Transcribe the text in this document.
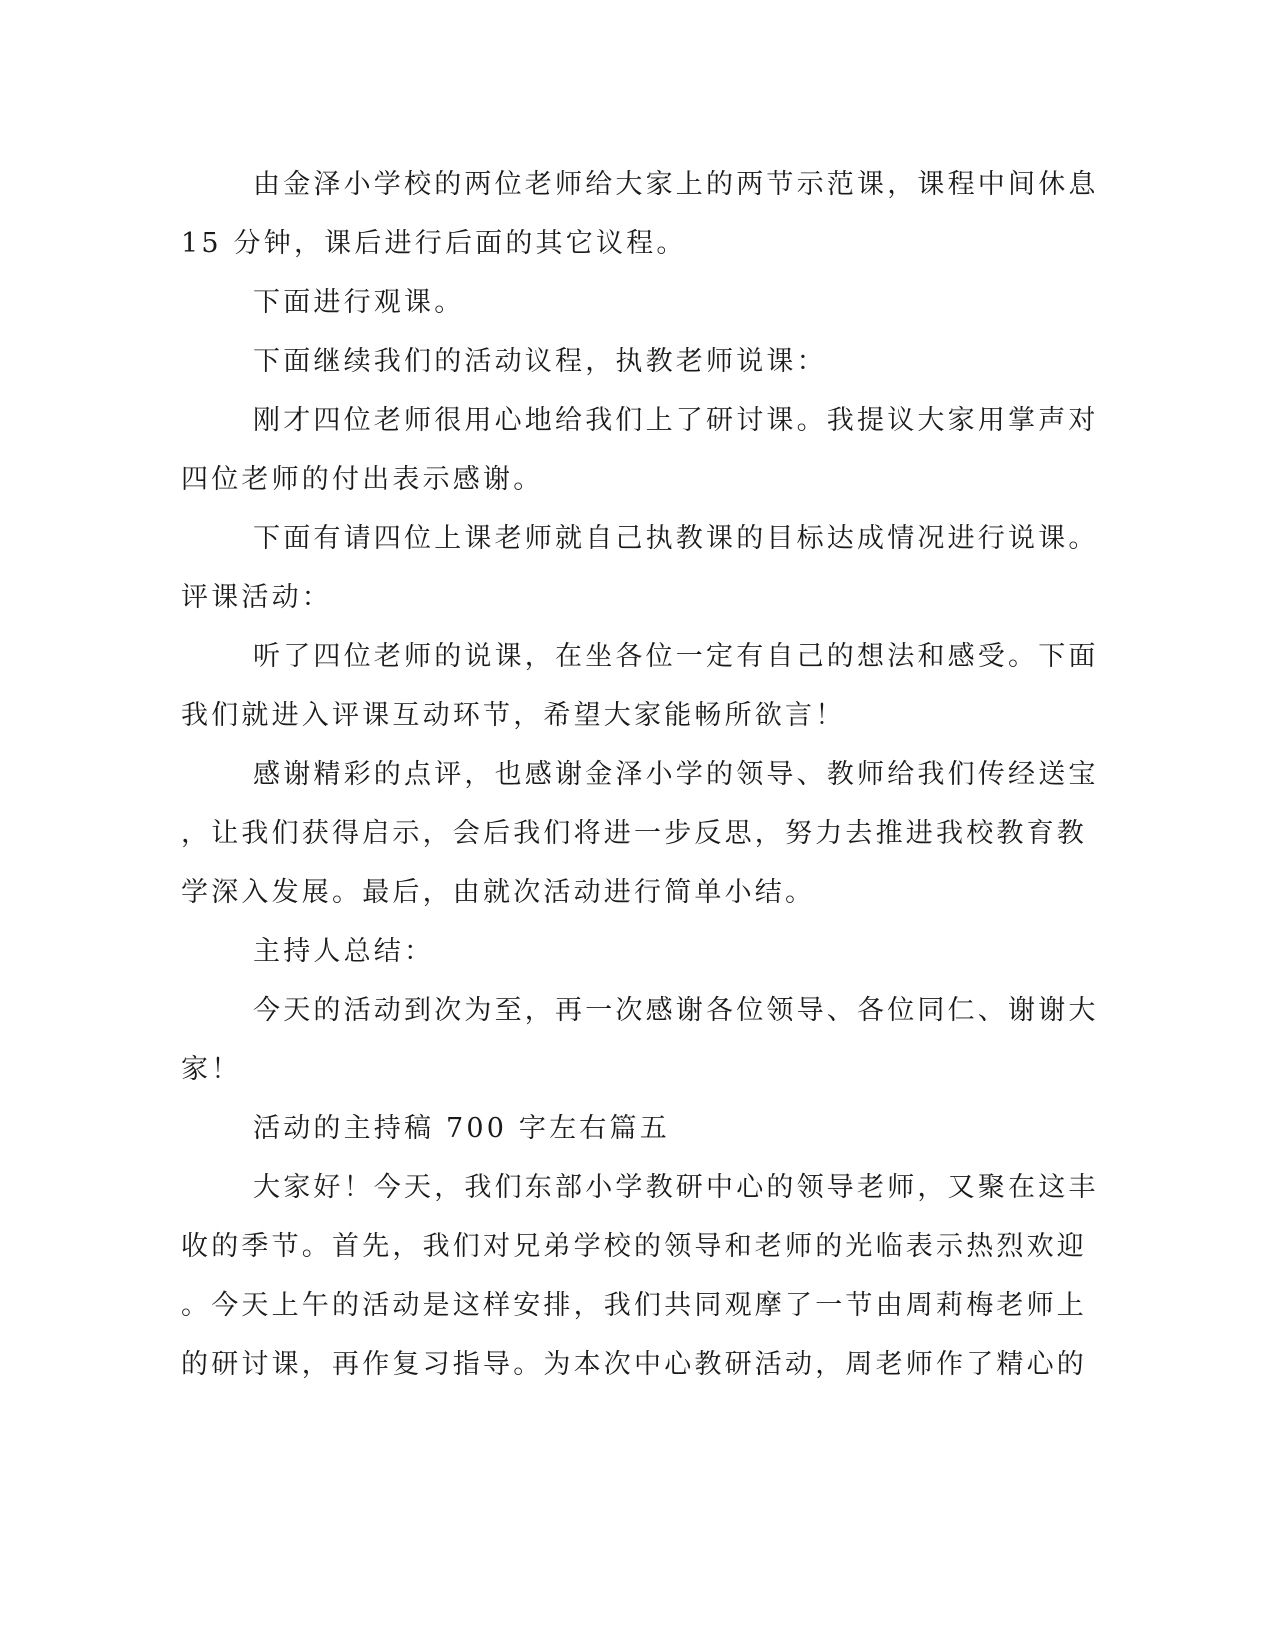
由金泽小学校的两位老师给大家上的两节示范课，课程中间休息
15 分钟，课后进行后面的其它议程。
下面进行观课。
下面继续我们的活动议程，执教老师说课：
刚才四位老师很用心地给我们上了研讨课。我提议大家用掌声对
四位老师的付出表示感谢。
下面有请四位上课老师就自己执教课的目标达成情况进行说课。
评课活动：
听了四位老师的说课，在坐各位一定有自己的想法和感受。下面
我们就进入评课互动环节，希望大家能畅所欲言！
感谢精彩的点评，也感谢金泽小学的领导、教师给我们传经送宝
，让我们获得启示，会后我们将进一步反思，努力去推进我校教育教
学深入发展。最后，由就次活动进行简单小结。
主持人总结：
今天的活动到次为至，再一次感谢各位领导、各位同仁、谢谢大
家！
活动的主持稿 700 字左右篇五
大家好！今天，我们东部小学教研中心的领导老师，又聚在这丰
收的季节。首先，我们对兄弟学校的领导和老师的光临表示热烈欢迎
。今天上午的活动是这样安排，我们共同观摩了一节由周莉梅老师上
的研讨课，再作复习指导。为本次中心教研活动，周老师作了精心的
